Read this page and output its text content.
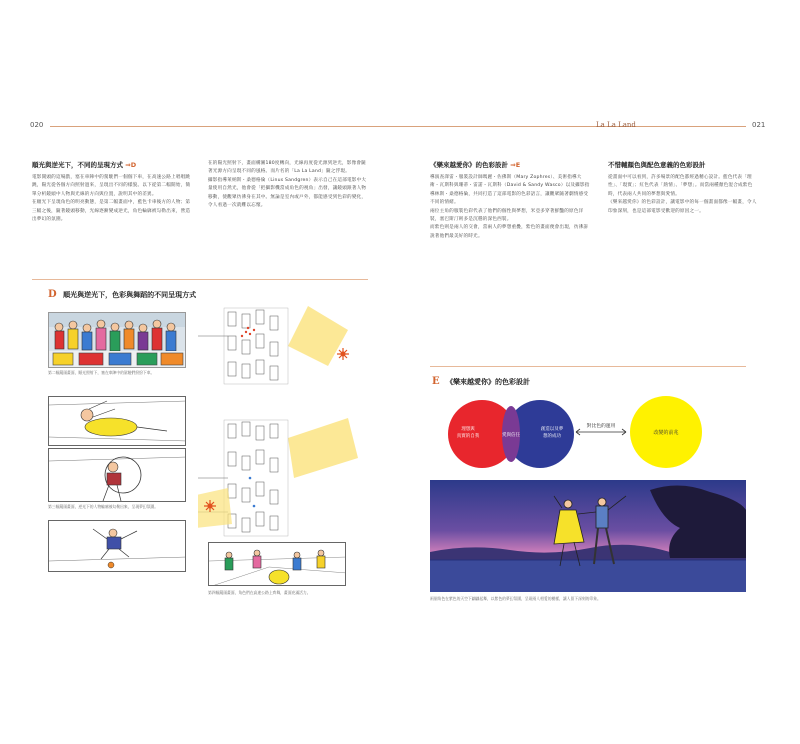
020
順光與逆光下，不同的呈現方式 ⇒D

電影開頭的這場戲，塞在車陣中的駕駛們一個個下車，在高速公路上唱唱跳跳，陽光從各個方向照射過來，呈現出不同的樣貌。以下從第二幅開始，簡單分析鏡頭中人物與光線的方向與位置，說明其中的差異。

在順光下呈現角色的明亮動態，是第二幅畫面中，藍色卡車後方的人物；第三幅之後，隨著鏡頭移動，光線逐漸變成逆光，角色輪廓被勾勒出來，營造出夢幻的氛圍。

在的陽光照射下，畫面構圖180度轉向，光線再度從光源到逆光，影像會隨著光源方向呈現不同的風格。而片名的「La La Land」隨之浮現。

攝影指導萊納斯・桑德格倫（Linus Sandgren）表示自己在這部電影中大量使用自然光，他會從「把攝影機當成角色的視角」出發，讓鏡頭跟著人物移動，使觀眾彷彿身在其中。無論是室內或戶外，都能感受到色彩的變化，令人看過一次就難以忘懷。

D 順光與逆光下，色彩與舞蹈的不同呈現方式
第二幅鏡頭畫面，順光照射下，塞在車陣中的駕駛們紛紛下車。
第三幅鏡頭畫面，逆光下的人物輪廓被勾勒出來，呈現夢幻氛圍。
第四幅鏡頭畫面，角色們在高速公路上齊舞，畫面充滿活力。
La La Land	021
《樂來越愛你》的色彩設計 ⇒E

導演查澤雷・服裝設計師瑪麗・佐佛斯（Mary Zophres）、美術指導大衛・瓦斯科與珊蒂・雷諾・瓦斯科（David & Sandy Wasco）以及攝影指導林斯・桑德格倫，共同打造了這部電影的色彩語言，讓觀眾隨著劇情感受不同的情緒。

兩位主角的服裝色彩代表了他們的個性與夢想，米亞多穿著鮮豔的原色洋裝，塞巴斯汀則多是沉穩的深色西裝。

而紫色則是兩人的交會，當兩人的夢想重疊，紫色的畫面便會出現，彷彿訴說著他們最美好的時光。

不惜輔顏色與配色意義的色彩設計

從畫面中可以看到，許多場景的配色都經過精心設計。藍色代表「理性」、「現實」；紅色代表「熱情」、「夢想」。而當兩種顏色混合成紫色時，代表兩人共同的夢想與愛情。

《樂來越愛你》的色彩設計，讓電影中的每一個畫面都像一幅畫，令人印象深刻，也是這部電影受歡迎的原因之一。

E 《樂來越愛你》的色彩設計
理想與
真實的自我	愛與信任
創造以及夢
想的成功
對比色的運用
改變的前兆
兩個角色在紫色的天空下翩翩起舞，以紫色的夢幻氛圍，呈現兩人相愛的模樣，讓人留下深刻的印象。
